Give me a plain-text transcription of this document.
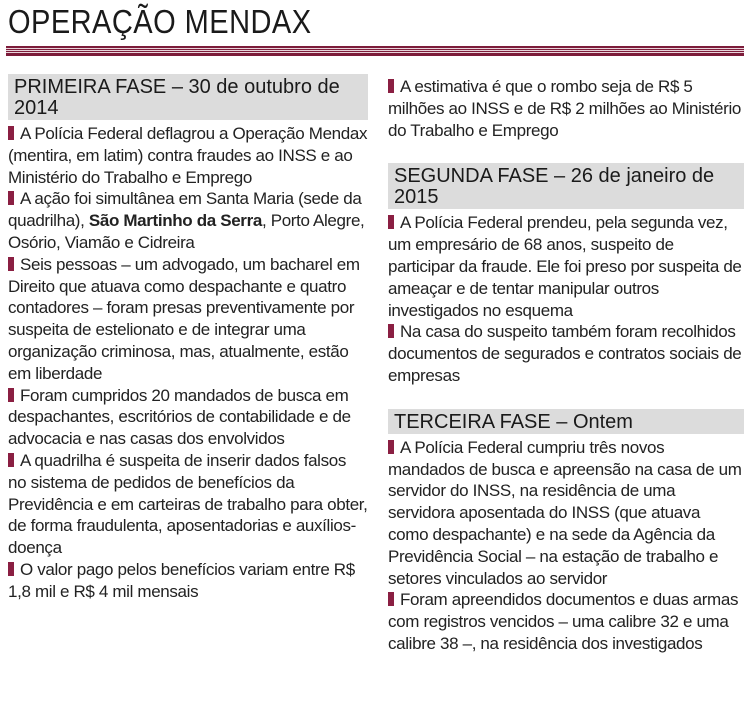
OPERAÇÃO MENDAX
PRIMEIRA FASE – 30 de outubro de 2014

A Polícia Federal deflagrou a Operação Mendax (mentira, em latim) contra fraudes ao INSS e ao Ministério do Trabalho e Emprego

A ação foi simultânea em Santa Maria (sede da quadrilha), São Martinho da Serra, Porto Alegre, Osório, Viamão e Cidreira

Seis pessoas – um advogado, um bacharel em Direito que atuava como despachante e quatro contadores – foram presas preventivamente por suspeita de estelionato e de integrar uma organização criminosa, mas, atualmente, estão em liberdade

Foram cumpridos 20 mandados de busca em despachantes, escritórios de contabilidade e de advocacia e nas casas dos envolvidos

A quadrilha é suspeita de inserir dados falsos no sistema de pedidos de benefícios da Previdência e em carteiras de trabalho para obter, de forma fraudulenta, aposentadorias e auxílios-doença

O valor pago pelos benefícios variam entre R$ 1,8 mil e R$ 4 mil mensais

A estimativa é que o rombo seja de R$ 5 milhões ao INSS e de R$ 2 milhões ao Ministério do Trabalho e Emprego

SEGUNDA FASE – 26 de janeiro de 2015

A Polícia Federal prendeu, pela segunda vez, um empresário de 68 anos, suspeito de participar da fraude. Ele foi preso por suspeita de ameaçar e de tentar manipular outros investigados no esquema

Na casa do suspeito também foram recolhidos documentos de segurados e contratos sociais de empresas

TERCEIRA FASE – Ontem

A Polícia Federal cumpriu três novos mandados de busca e apreensão na casa de um servidor do INSS, na residência de uma servidora aposentada do INSS (que atuava como despachante) e na sede da Agência da Previdência Social – na estação de trabalho e setores vinculados ao servidor

Foram apreendidos documentos e duas armas com registros vencidos – uma calibre 32 e uma calibre 38 –, na residência dos investigados
